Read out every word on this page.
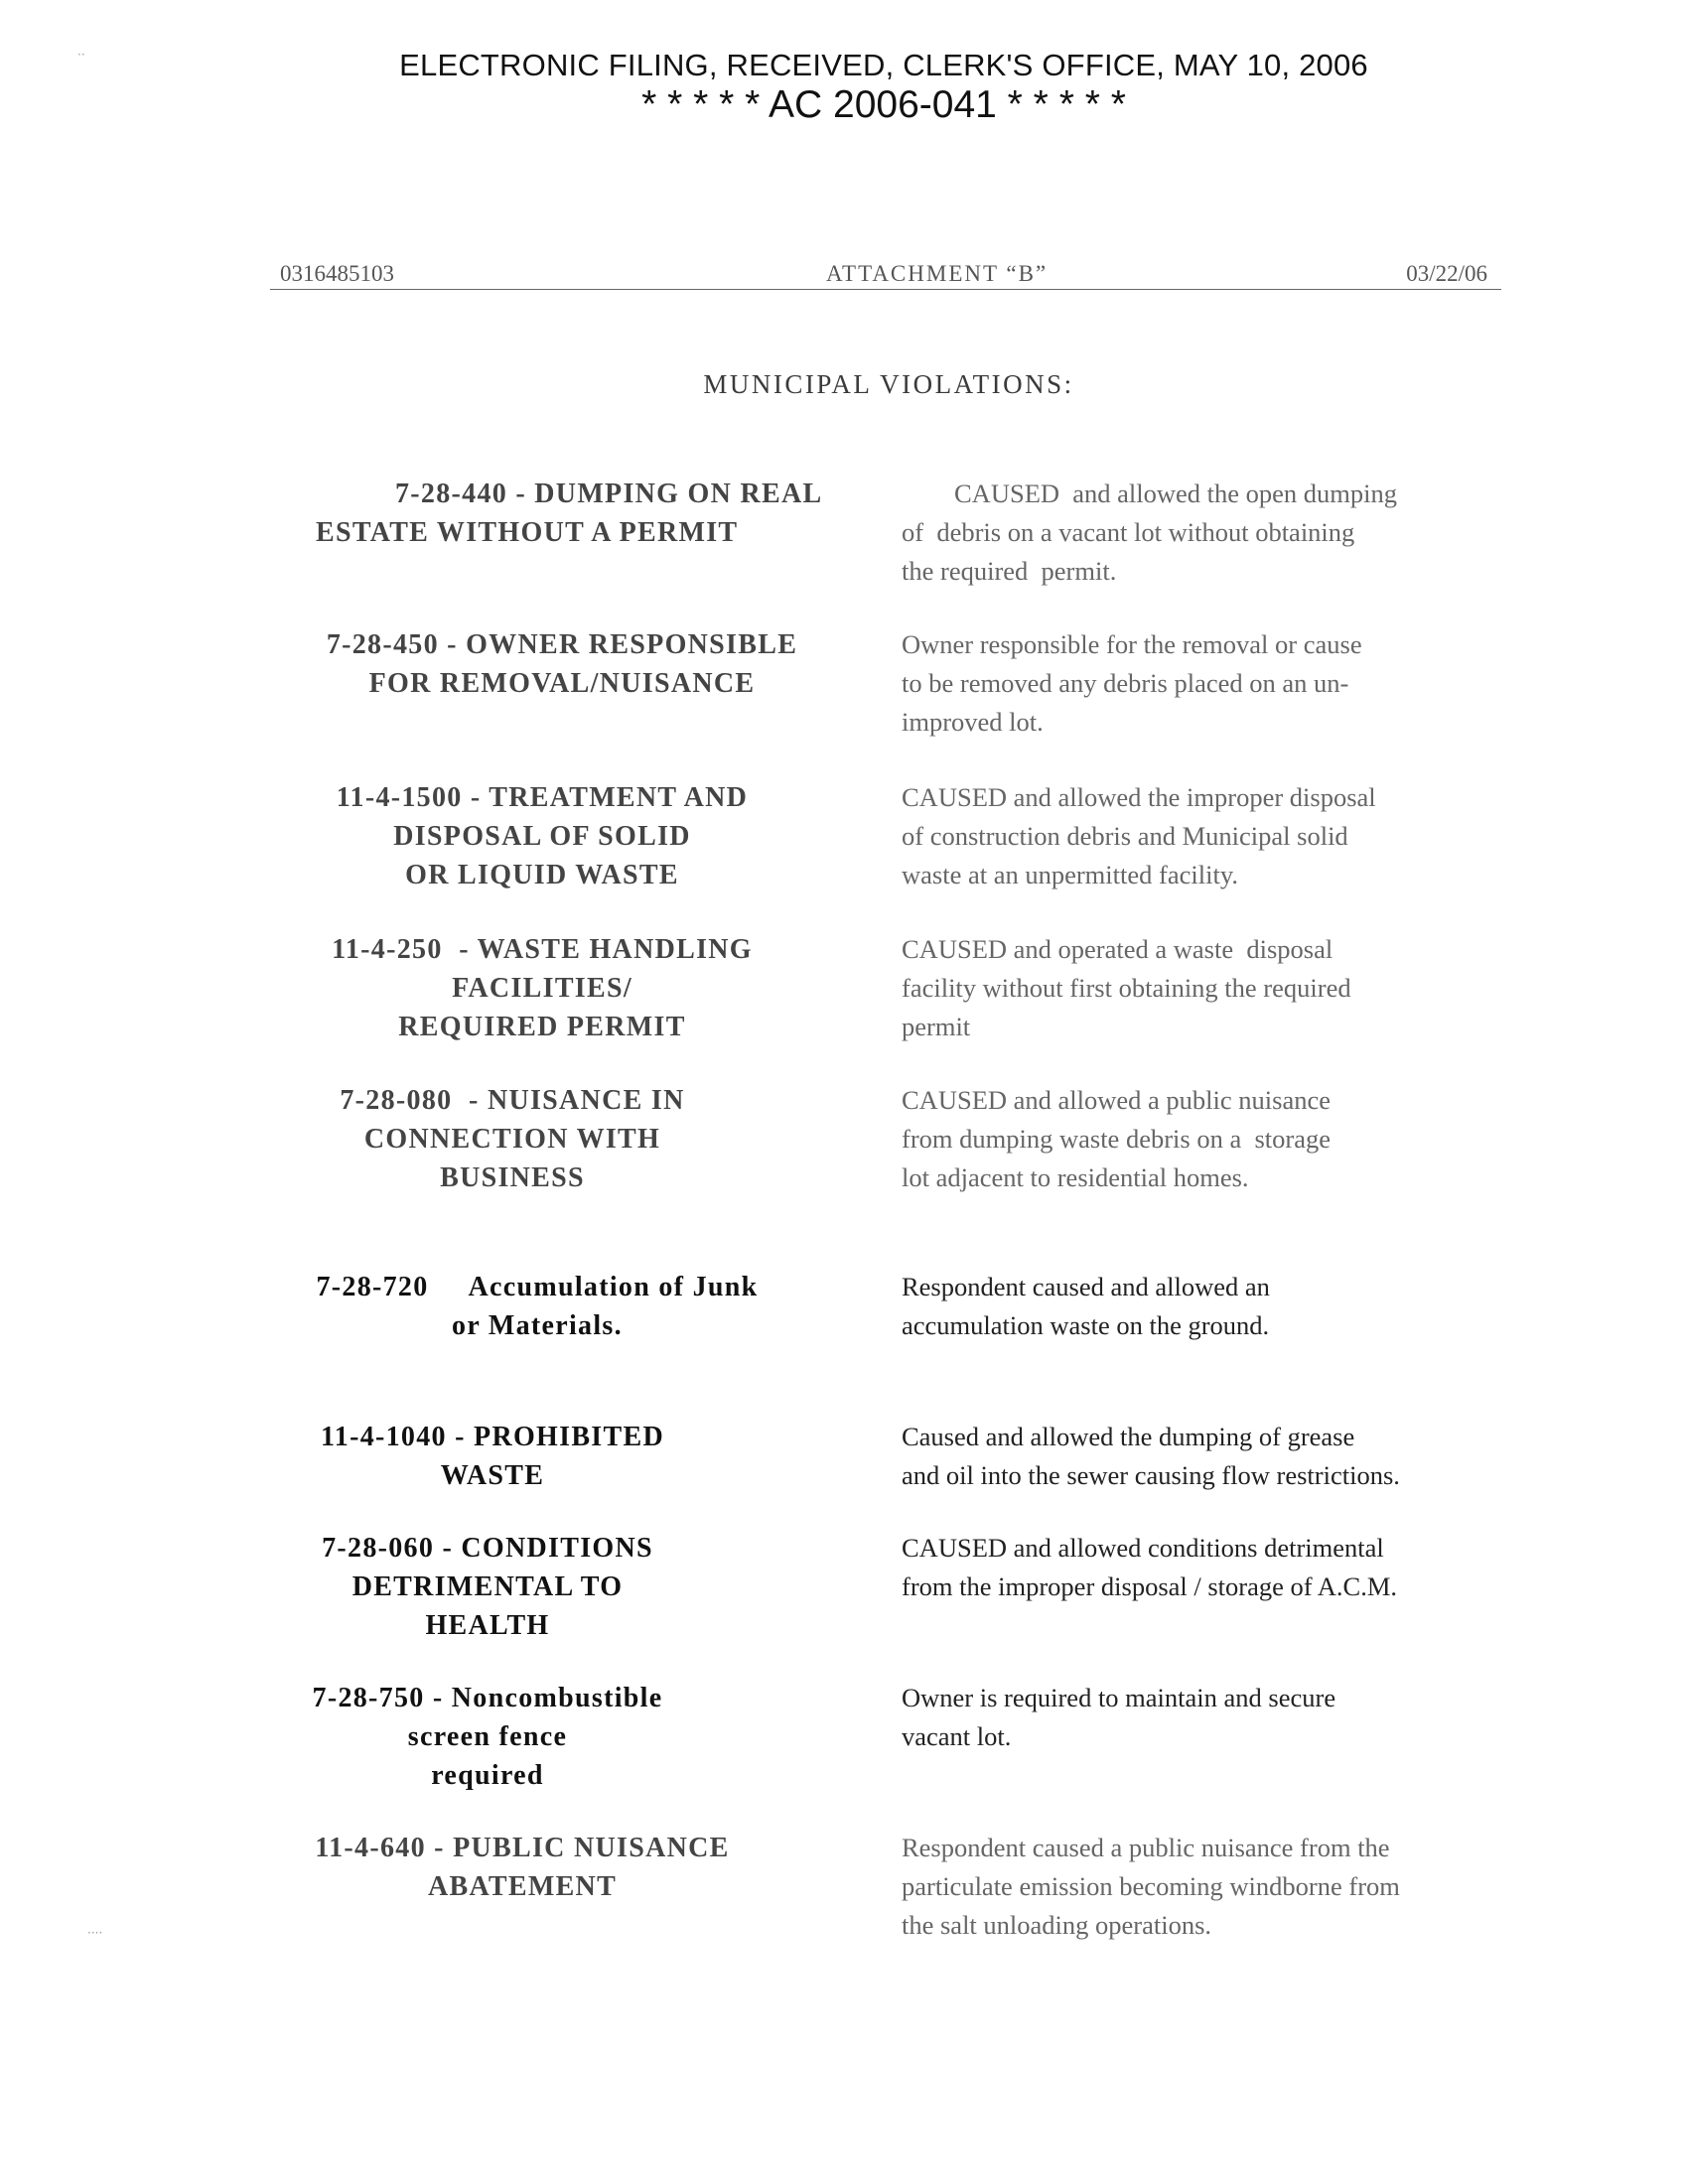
ELECTRONIC FILING, RECEIVED, CLERK'S OFFICE, MAY 10, 2006
* * * * * AC 2006-041 * * * * *
0316485103	ATTACHMENT “B”	03/22/06
MUNICIPAL VIOLATIONS:
7-28-440 - DUMPING ON REAL
ESTATE WITHOUT A PERMIT
CAUSED  and allowed the open dumping
of  debris on a vacant lot without obtaining
the required  permit.
7-28-450 - OWNER RESPONSIBLE
FOR REMOVAL/NUISANCE
Owner responsible for the removal or cause
to be removed any debris placed on an un-
improved lot.
11-4-1500 - TREATMENT AND
DISPOSAL OF SOLID
OR LIQUID WASTE
CAUSED and allowed the improper disposal
of construction debris and Municipal solid
waste at an unpermitted facility.
11-4-250  - WASTE HANDLING
FACILITIES/
REQUIRED PERMIT
CAUSED and operated a waste  disposal
facility without first obtaining the required
permit
7-28-080  - NUISANCE IN
CONNECTION WITH
BUSINESS
CAUSED and allowed a public nuisance
from dumping waste debris on a  storage
lot adjacent to residential homes.
7-28-720     Accumulation of Junk
or Materials.
Respondent caused and allowed an
accumulation waste on the ground.
11-4-1040 - PROHIBITED
WASTE
Caused and allowed the dumping of grease
and oil into the sewer causing flow restrictions.
7-28-060 - CONDITIONS
DETRIMENTAL TO
HEALTH
CAUSED and allowed conditions detrimental
from the improper disposal / storage of A.C.M.
7-28-750 - Noncombustible
screen fence
required
Owner is required to maintain and secure
vacant lot.
11-4-640 - PUBLIC NUISANCE
ABATEMENT
Respondent caused a public nuisance from the
particulate emission becoming windborne from
the salt unloading operations.
··
····
